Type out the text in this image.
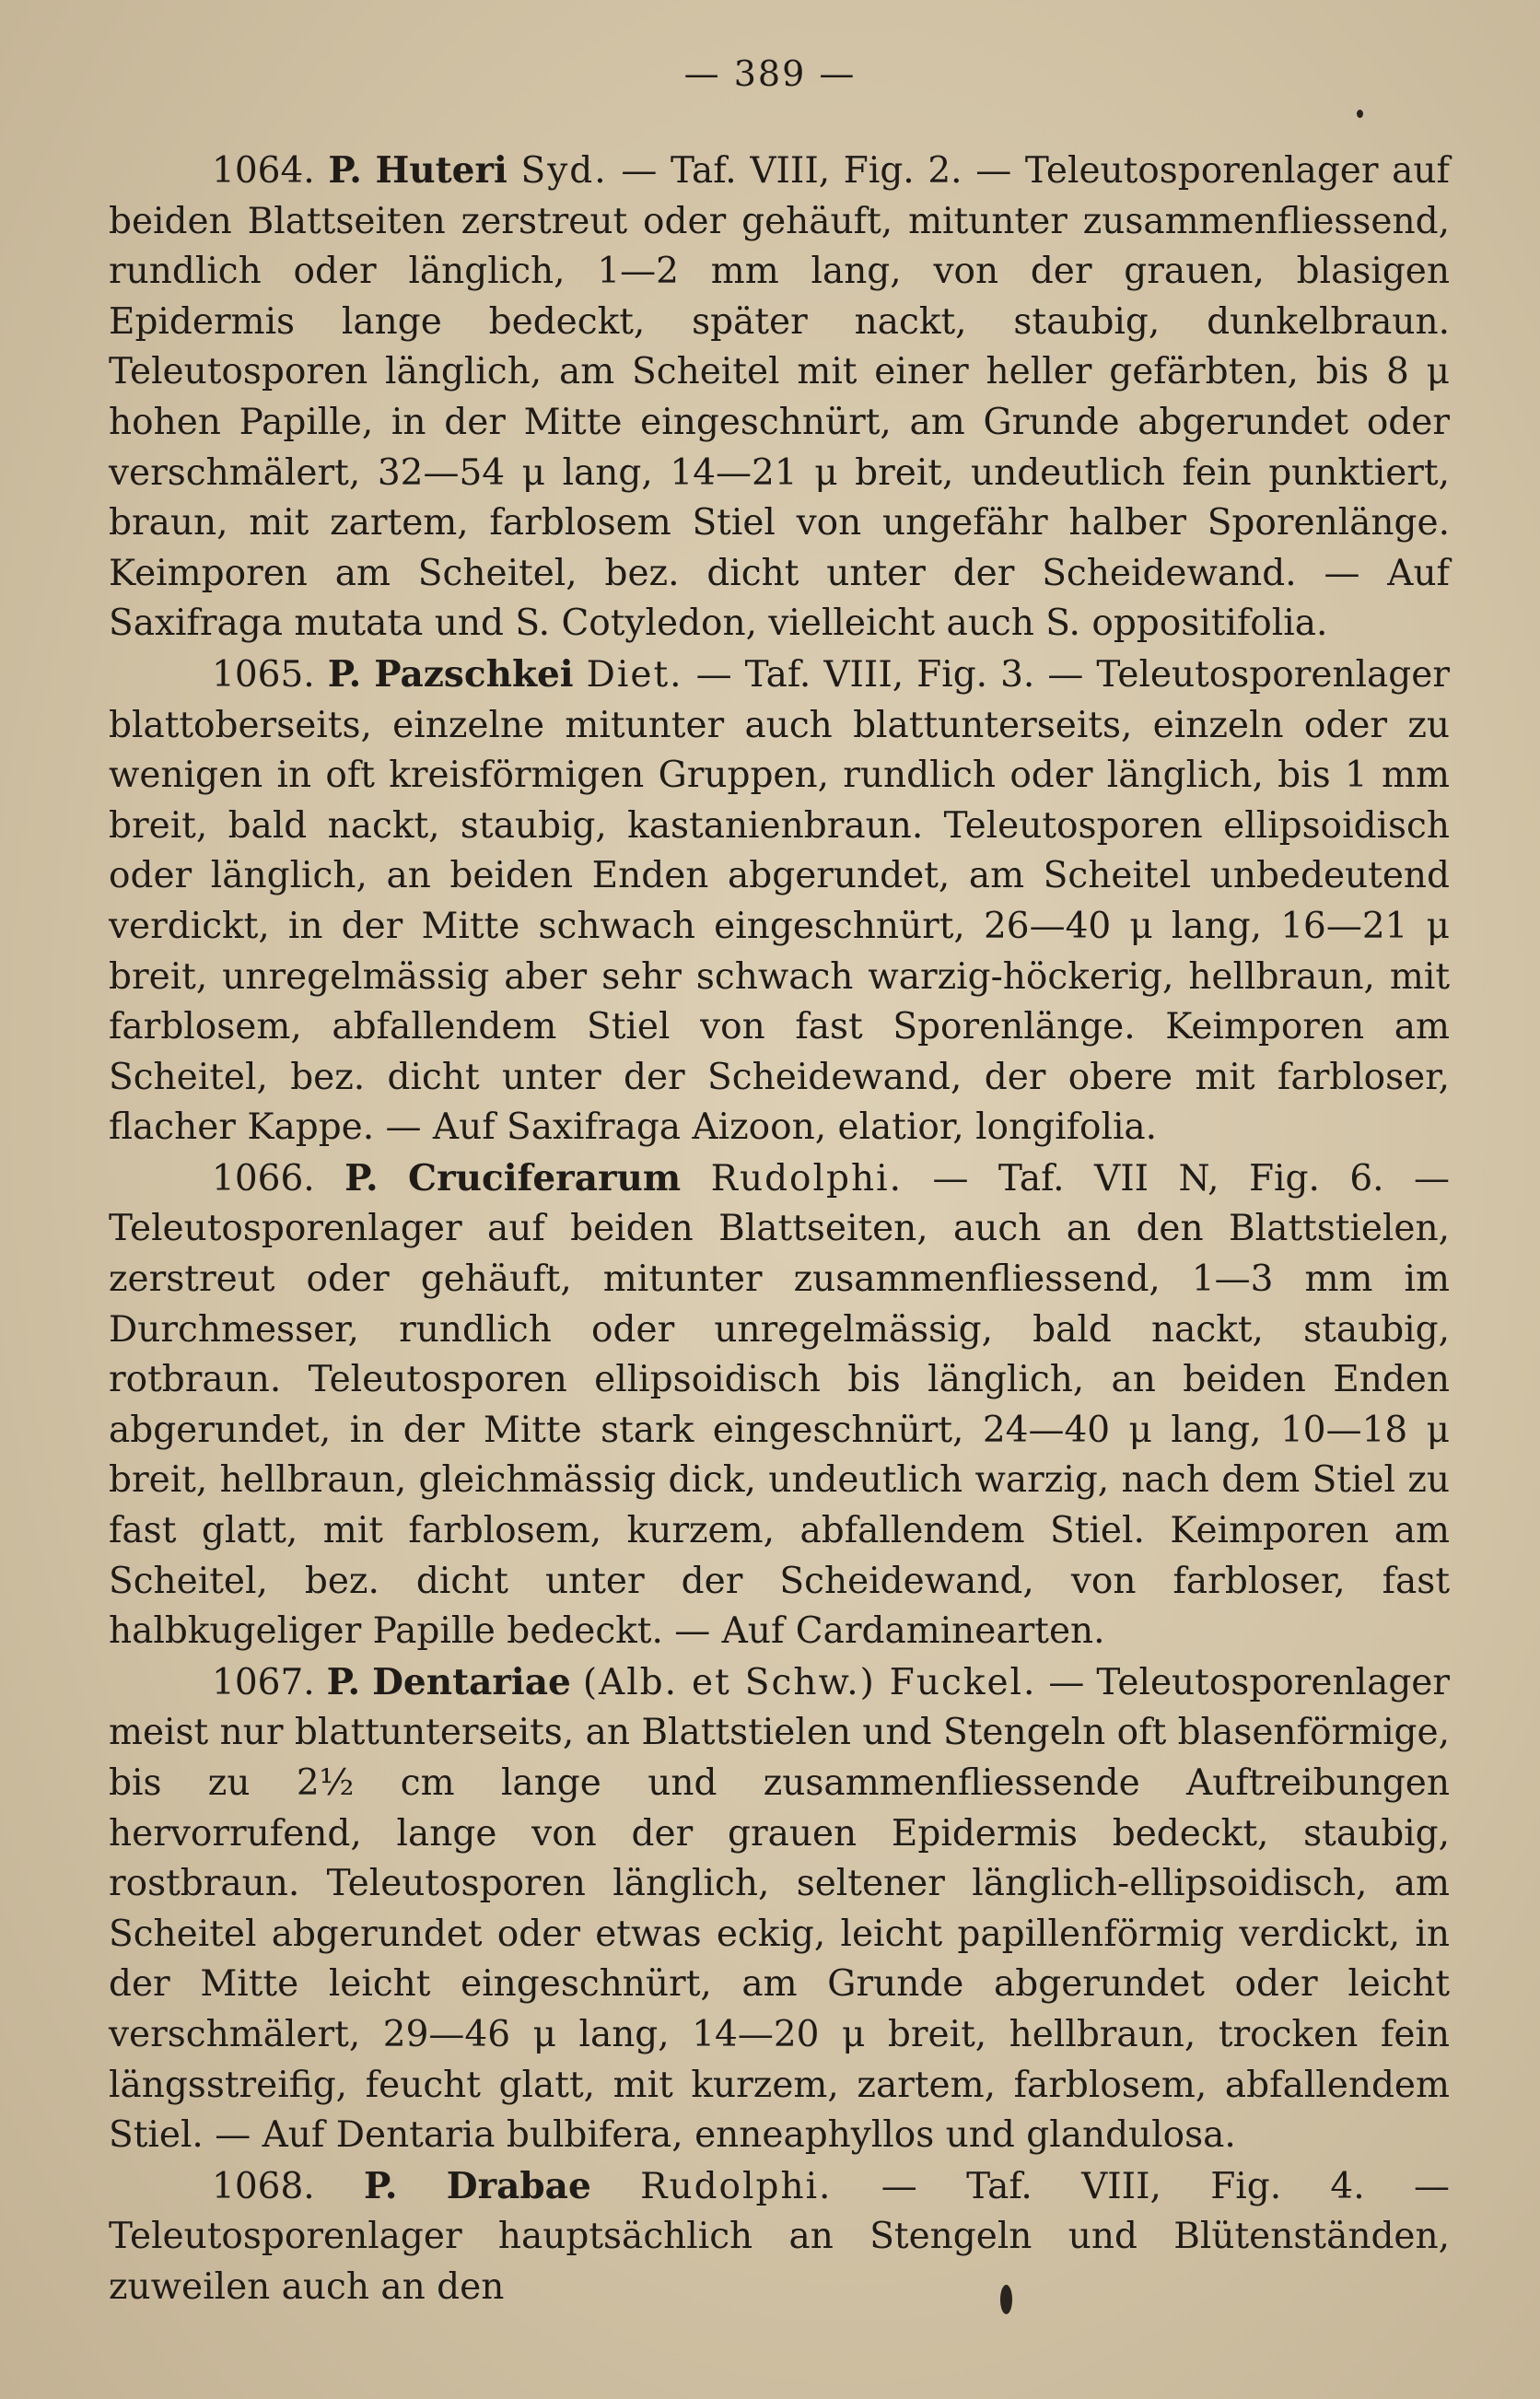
— 389 —

1064. P. Huteri Syd. — Taf. VIII, Fig. 2. — Teleutosporenlager auf beiden Blattseiten zerstreut oder gehäuft, mitunter zusammenfliessend, rundlich oder länglich, 1—2 mm lang, von der grauen, blasigen Epidermis lange bedeckt, später nackt, staubig, dunkelbraun. Teleutosporen länglich, am Scheitel mit einer heller gefärbten, bis 8 μ hohen Papille, in der Mitte eingeschnürt, am Grunde abgerundet oder verschmälert, 32—54 μ lang, 14—21 μ breit, undeutlich fein punktiert, braun, mit zartem, farblosem Stiel von ungefähr halber Sporenlänge. Keimporen am Scheitel, bez. dicht unter der Scheidewand. — Auf Saxifraga mutata und S. Cotyledon, vielleicht auch S. oppositifolia.

1065. P. Pazschkei Diet. — Taf. VIII, Fig. 3. — Teleutosporenlager blattoberseits, einzelne mitunter auch blattunterseits, einzeln oder zu wenigen in oft kreisförmigen Gruppen, rundlich oder länglich, bis 1 mm breit, bald nackt, staubig, kastanienbraun. Teleutosporen ellipsoidisch oder länglich, an beiden Enden abgerundet, am Scheitel unbedeutend verdickt, in der Mitte schwach eingeschnürt, 26—40 μ lang, 16—21 μ breit, unregelmässig aber sehr schwach warzig-höckerig, hellbraun, mit farblosem, abfallendem Stiel von fast Sporenlänge. Keimporen am Scheitel, bez. dicht unter der Scheidewand, der obere mit farbloser, flacher Kappe. — Auf Saxifraga Aizoon, elatior, longifolia.

1066. P. Cruciferarum Rudolphi. — Taf. VII N, Fig. 6. — Teleutosporenlager auf beiden Blattseiten, auch an den Blattstielen, zerstreut oder gehäuft, mitunter zusammenfliessend, 1—3 mm im Durchmesser, rundlich oder unregelmässig, bald nackt, staubig, rotbraun. Teleutosporen ellipsoidisch bis länglich, an beiden Enden abgerundet, in der Mitte stark eingeschnürt, 24—40 μ lang, 10—18 μ breit, hellbraun, gleichmässig dick, undeutlich warzig, nach dem Stiel zu fast glatt, mit farblosem, kurzem, abfallendem Stiel. Keimporen am Scheitel, bez. dicht unter der Scheidewand, von farbloser, fast halbkugeliger Papille bedeckt. — Auf Cardaminearten.

1067. P. Dentariae (Alb. et Schw.) Fuckel. — Teleutosporenlager meist nur blattunterseits, an Blattstielen und Stengeln oft blasenförmige, bis zu 2½ cm lange und zusammenfliessende Auftreibungen hervorrufend, lange von der grauen Epidermis bedeckt, staubig, rostbraun. Teleutosporen länglich, seltener länglich-ellipsoidisch, am Scheitel abgerundet oder etwas eckig, leicht papillenförmig verdickt, in der Mitte leicht eingeschnürt, am Grunde abgerundet oder leicht verschmälert, 29—46 μ lang, 14—20 μ breit, hellbraun, trocken fein längsstreifig, feucht glatt, mit kurzem, zartem, farblosem, abfallendem Stiel. — Auf Dentaria bulbifera, enneaphyllos und glandulosa.

1068. P. Drabae Rudolphi. — Taf. VIII, Fig. 4. — Teleutosporenlager hauptsächlich an Stengeln und Blütenständen, zuweilen auch an den
